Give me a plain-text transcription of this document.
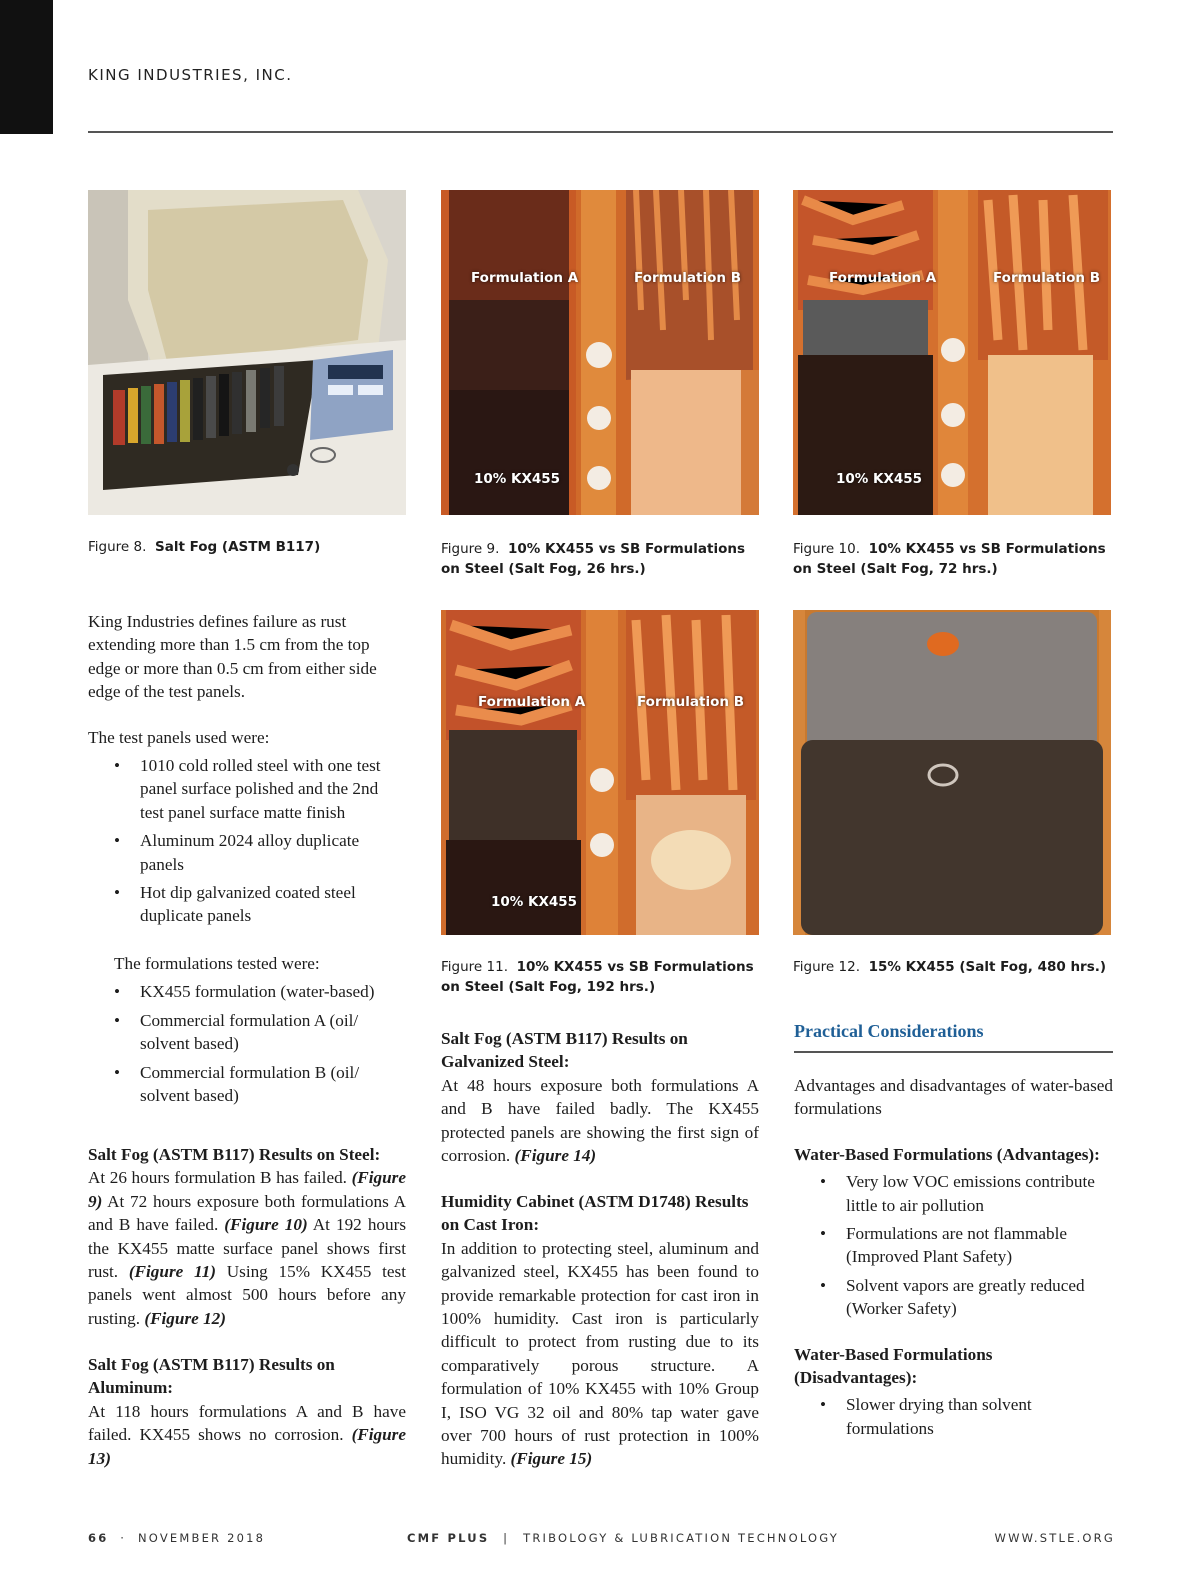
KING INDUSTRIES, INC.
Formulation A	Formulation B
10% KX455
Formulation A	Formulation B
10% KX455
Figure 8. Salt Fog (ASTM B117)	Figure 9. 10% KX455 vs SB Formulations on Steel (Salt Fog, 26 hrs.)
Figure 10. 10% KX455 vs SB Formulations on Steel (Salt Fog, 72 hrs.)
Formulation A	Formulation B
10% KX455
Figure 11. 10% KX455 vs SB Formulations on Steel (Salt Fog, 192 hrs.)
Figure 12. 15% KX455 (Salt Fog, 480 hrs.)

King Industries defines failure as rust extending more than 1.5 cm from the top edge or more than 0.5 cm from either side edge of the test panels.

The test panels used were:

• 1010 cold rolled steel with one test panel surface polished and the 2nd test panel surface matte finish
• Aluminum 2024 alloy duplicate panels
• Hot dip galvanized coated steel duplicate panels

The formulations tested were:

• KX455 formulation (water-based)
• Commercial formulation A (oil/ solvent based)
• Commercial formulation B (oil/ solvent based)

Salt Fog (ASTM B117) Results on Steel:

At 26 hours formulation B has failed. (Figure 9) At 72 hours exposure both formulations A and B have failed. (Figure 10) At 192 hours the KX455 matte surface panel shows first rust. (Figure 11) Using 15% KX455 test panels went almost 500 hours before any rusting. (Figure 12)

Salt Fog (ASTM B117) Results on Aluminum:

At 118 hours formulations A and B have failed. KX455 shows no corrosion. (Figure 13)

Salt Fog (ASTM B117) Results on Galvanized Steel:

At 48 hours exposure both formulations A and B have failed badly. The KX455 protected panels are showing the first sign of corrosion. (Figure 14)

Humidity Cabinet (ASTM D1748) Results on Cast Iron:

In addition to protecting steel, aluminum and galvanized steel, KX455 has been found to provide remarkable protection for cast iron in 100% humidity. Cast iron is particularly difficult to protect from rusting due to its comparatively porous structure. A formulation of 10% KX455 with 10% Group I, ISO VG 32 oil and 80% tap water gave over 700 hours of rust protection in 100% humidity. (Figure 15)

Practical Considerations

Advantages and disadvantages of water-based formulations

Water-Based Formulations (Advantages):

• Very low VOC emissions contribute little to air pollution
• Formulations are not flammable (Improved Plant Safety)
• Solvent vapors are greatly reduced (Worker Safety)

Water-Based Formulations (Disadvantages):

• Slower drying than solvent formulations
66 · NOVEMBER 2018	CMF PLUS | TRIBOLOGY & LUBRICATION TECHNOLOGY	WWW.STLE.ORG
